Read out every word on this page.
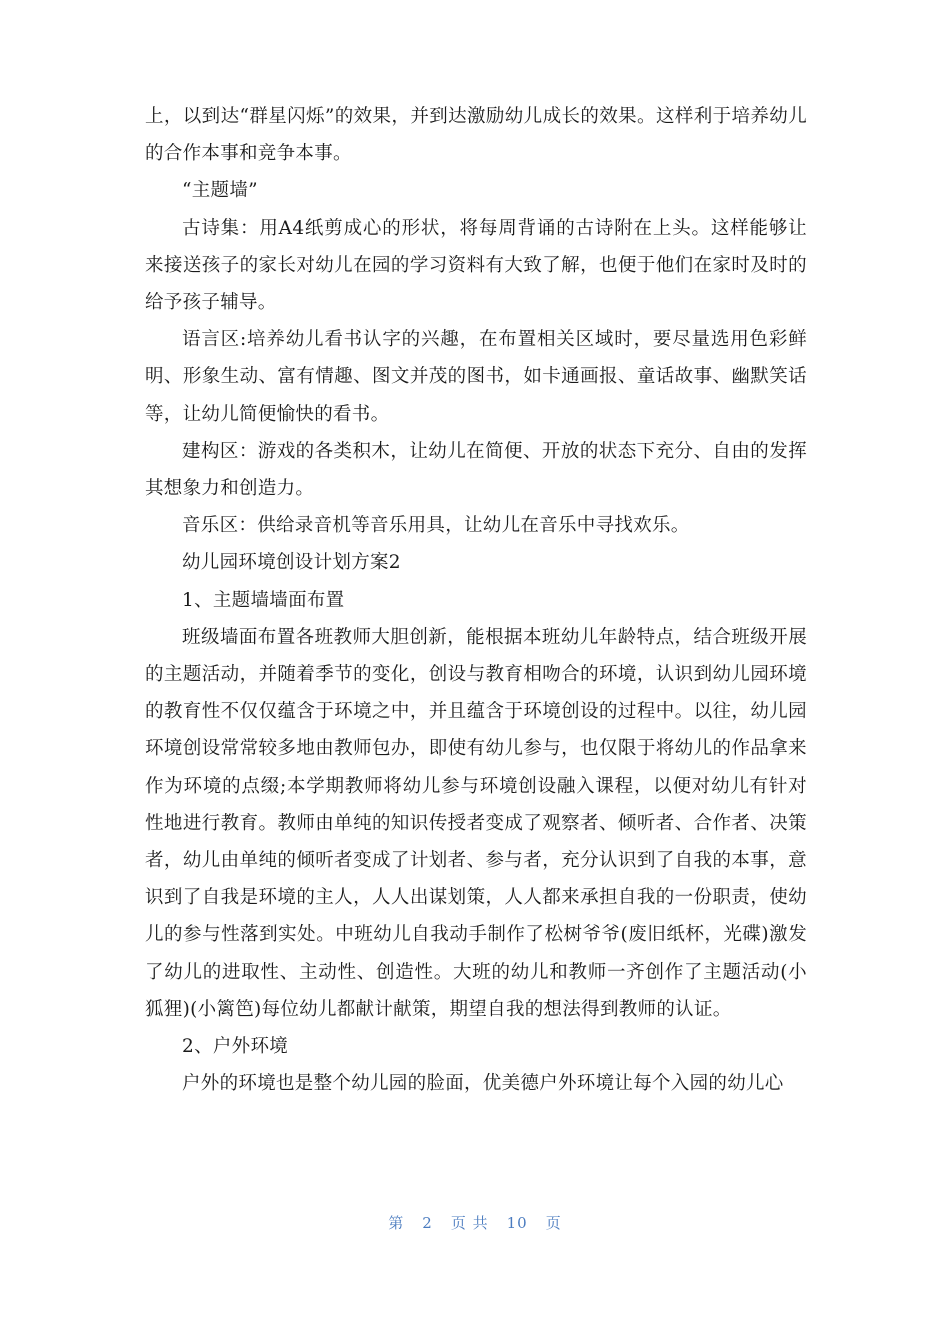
上，以到达“群星闪烁”的效果，并到达激励幼儿成长的效果。这样利于培养幼儿的合作本事和竞争本事。

“主题墙”

古诗集：用A4纸剪成心的形状，将每周背诵的古诗附在上头。这样能够让来接送孩子的家长对幼儿在园的学习资料有大致了解，也便于他们在家时及时的给予孩子辅导。

语言区:培养幼儿看书认字的兴趣，在布置相关区域时，要尽量选用色彩鲜明、形象生动、富有情趣、图文并茂的图书，如卡通画报、童话故事、幽默笑话等，让幼儿简便愉快的看书。

建构区：游戏的各类积木，让幼儿在简便、开放的状态下充分、自由的发挥其想象力和创造力。

音乐区：供给录音机等音乐用具，让幼儿在音乐中寻找欢乐。

幼儿园环境创设计划方案2

1、主题墙墙面布置

班级墙面布置各班教师大胆创新，能根据本班幼儿年龄特点，结合班级开展的主题活动，并随着季节的变化，创设与教育相吻合的环境，认识到幼儿园环境的教育性不仅仅蕴含于环境之中，并且蕴含于环境创设的过程中。以往，幼儿园环境创设常常较多地由教师包办，即使有幼儿参与，也仅限于将幼儿的作品拿来作为环境的点缀;本学期教师将幼儿参与环境创设融入课程，以便对幼儿有针对性地进行教育。教师由单纯的知识传授者变成了观察者、倾听者、合作者、决策者，幼儿由单纯的倾听者变成了计划者、参与者，充分认识到了自我的本事，意识到了自我是环境的主人，人人出谋划策，人人都来承担自我的一份职责，使幼儿的参与性落到实处。中班幼儿自我动手制作了松树爷爷(废旧纸杯，光碟)激发了幼儿的进取性、主动性、创造性。大班的幼儿和教师一齐创作了主题活动(小狐狸)(小篱笆)每位幼儿都献计献策，期望自我的想法得到教师的认证。

2、户外环境

户外的环境也是整个幼儿园的脸面，优美德户外环境让每个入园的幼儿心

第 2 页 共 10 页
